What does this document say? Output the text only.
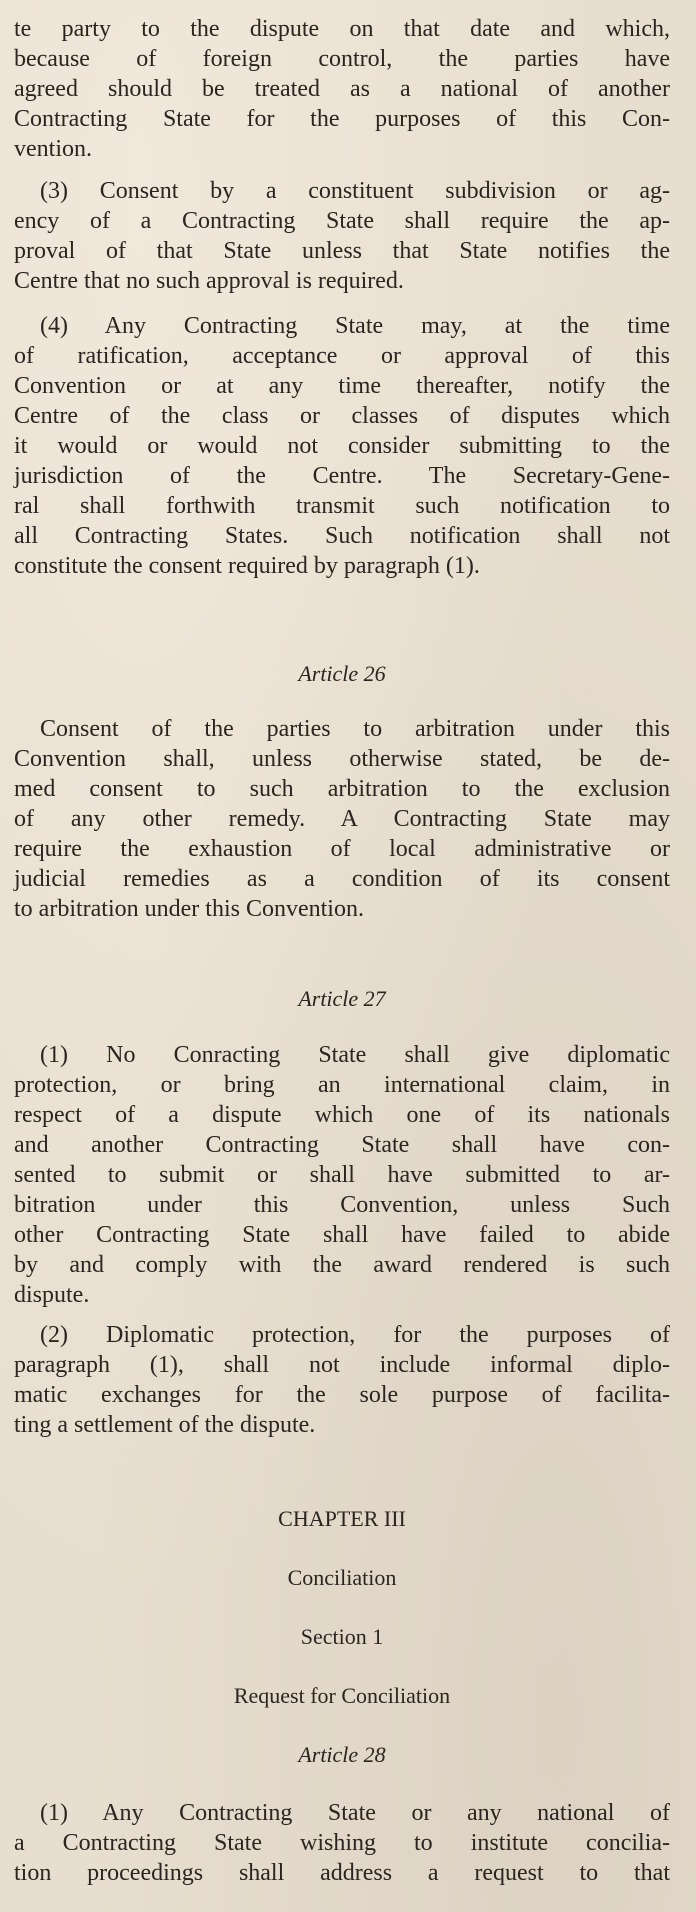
te party to the dispute on that date and which,
because of foreign control, the parties have
agreed should be treated as a national of another
Contracting State for the purposes of this Con-
vention.
(3) Consent by a constituent subdivision or ag-
ency of a Contracting State shall require the ap-
proval of that State unless that State notifies the
Centre that no such approval is required.
(4) Any Contracting State may, at the time
of ratification, acceptance or approval of this
Convention or at any time thereafter, notify the
Centre of the class or classes of disputes which
it would or would not consider submitting to the
jurisdiction of the Centre. The Secretary-Gene-
ral shall forthwith transmit such notification to
all Contracting States. Such notification shall not
constitute the consent required by paragraph (1).
Article 26
Consent of the parties to arbitration under this
Convention shall, unless otherwise stated, be de-
med consent to such arbitration to the exclusion
of any other remedy. A Contracting State may
require the exhaustion of local administrative or
judicial remedies as a condition of its consent
to arbitration under this Convention.
Article 27
(1) No Conracting State shall give diplomatic
protection, or bring an international claim, in
respect of a dispute which one of its nationals
and another Contracting State shall have con-
sented to submit or shall have submitted to ar-
bitration under this Convention, unless Such
other Contracting State shall have failed to abide
by and comply with the award rendered is such
dispute.
(2) Diplomatic protection, for the purposes of
paragraph (1), shall not include informal diplo-
matic exchanges for the sole purpose of facilita-
ting a settlement of the dispute.
CHAPTER III
Conciliation
Section 1
Request for Conciliation
Article 28
(1) Any Contracting State or any national of
a Contracting State wishing to institute concilia-
tion proceedings shall address a request to that
